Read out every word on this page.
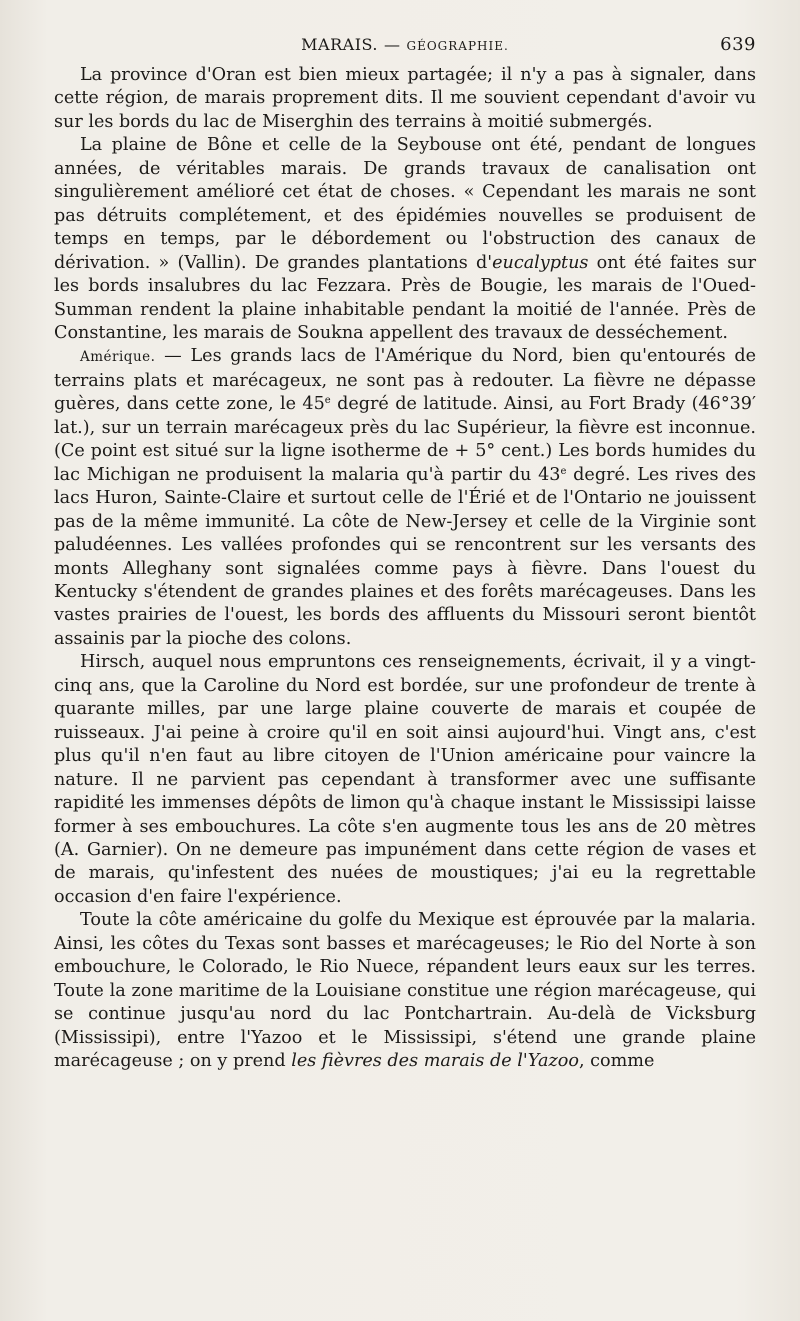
MARAIS. — GÉOGRAPHIE.	639

La province d'Oran est bien mieux partagée; il n'y a pas à signaler, dans cette région, de marais proprement dits. Il me souvient cependant d'avoir vu sur les bords du lac de Miserghin des terrains à moitié submergés.

La plaine de Bône et celle de la Seybouse ont été, pendant de longues années, de véritables marais. De grands travaux de canalisation ont singulièrement amélioré cet état de choses. « Cependant les marais ne sont pas détruits complétement, et des épidémies nouvelles se produisent de temps en temps, par le débordement ou l'obstruction des canaux de dérivation. » (Vallin). De grandes plantations d'eucalyptus ont été faites sur les bords insalubres du lac Fezzara. Près de Bougie, les marais de l'Oued-Summan rendent la plaine inhabitable pendant la moitié de l'année. Près de Constantine, les marais de Soukna appellent des travaux de desséchement.

Amérique. — Les grands lacs de l'Amérique du Nord, bien qu'entourés de terrains plats et marécageux, ne sont pas à redouter. La fièvre ne dépasse guères, dans cette zone, le 45e degré de latitude. Ainsi, au Fort Brady (46°39′ lat.), sur un terrain marécageux près du lac Supérieur, la fièvre est inconnue. (Ce point est situé sur la ligne isotherme de + 5° cent.) Les bords humides du lac Michigan ne produisent la malaria qu'à partir du 43e degré. Les rives des lacs Huron, Sainte-Claire et surtout celle de l'Érié et de l'Ontario ne jouissent pas de la même immunité. La côte de New-Jersey et celle de la Virginie sont paludéennes. Les vallées profondes qui se rencontrent sur les versants des monts Alleghany sont signalées comme pays à fièvre. Dans l'ouest du Kentucky s'étendent de grandes plaines et des forêts marécageuses. Dans les vastes prairies de l'ouest, les bords des affluents du Missouri seront bientôt assainis par la pioche des colons.

Hirsch, auquel nous empruntons ces renseignements, écrivait, il y a vingt-cinq ans, que la Caroline du Nord est bordée, sur une profondeur de trente à quarante milles, par une large plaine couverte de marais et coupée de ruisseaux. J'ai peine à croire qu'il en soit ainsi aujourd'hui. Vingt ans, c'est plus qu'il n'en faut au libre citoyen de l'Union américaine pour vaincre la nature. Il ne parvient pas cependant à transformer avec une suffisante rapidité les immenses dépôts de limon qu'à chaque instant le Mississipi laisse former à ses embouchures. La côte s'en augmente tous les ans de 20 mètres (A. Garnier). On ne demeure pas impunément dans cette région de vases et de marais, qu'infestent des nuées de moustiques; j'ai eu la regrettable occasion d'en faire l'expérience.

Toute la côte américaine du golfe du Mexique est éprouvée par la malaria. Ainsi, les côtes du Texas sont basses et marécageuses; le Rio del Norte à son embouchure, le Colorado, le Rio Nuece, répandent leurs eaux sur les terres. Toute la zone maritime de la Louisiane constitue une région marécageuse, qui se continue jusqu'au nord du lac Pontchartrain. Au-delà de Vicksburg (Mississipi), entre l'Yazoo et le Mississipi, s'étend une grande plaine marécageuse ; on y prend les fièvres des marais de l'Yazoo, comme
